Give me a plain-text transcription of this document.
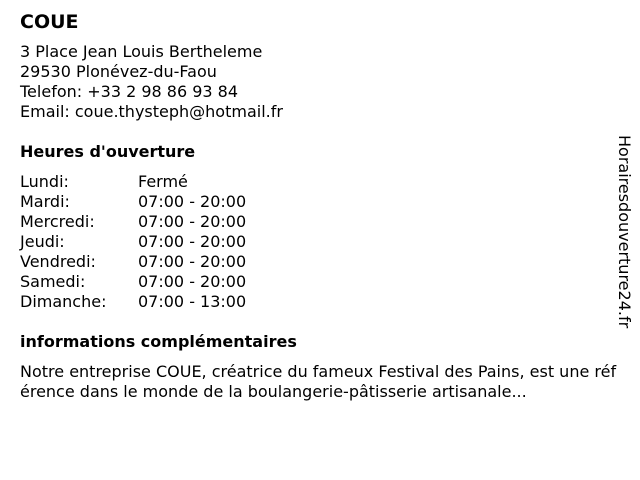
COUE
3 Place Jean Louis Bertheleme
29530 Plonévez-du-Faou
Telefon: +33 2 98 86 93 84
Email: coue.thysteph@hotmail.fr
Heures d'ouverture
Lundi:	Fermé
Mardi:	07:00 - 20:00
Mercredi:	07:00 - 20:00
Jeudi:	07:00 - 20:00
Vendredi:	07:00 - 20:00
Samedi:	07:00 - 20:00
Dimanche:	07:00 - 13:00
informations complémentaires
Notre entreprise COUE, créatrice du fameux Festival des Pains, est une référence dans le monde de la boulangerie-pâtisserie artisanale...
Horairesdouverture24.fr
